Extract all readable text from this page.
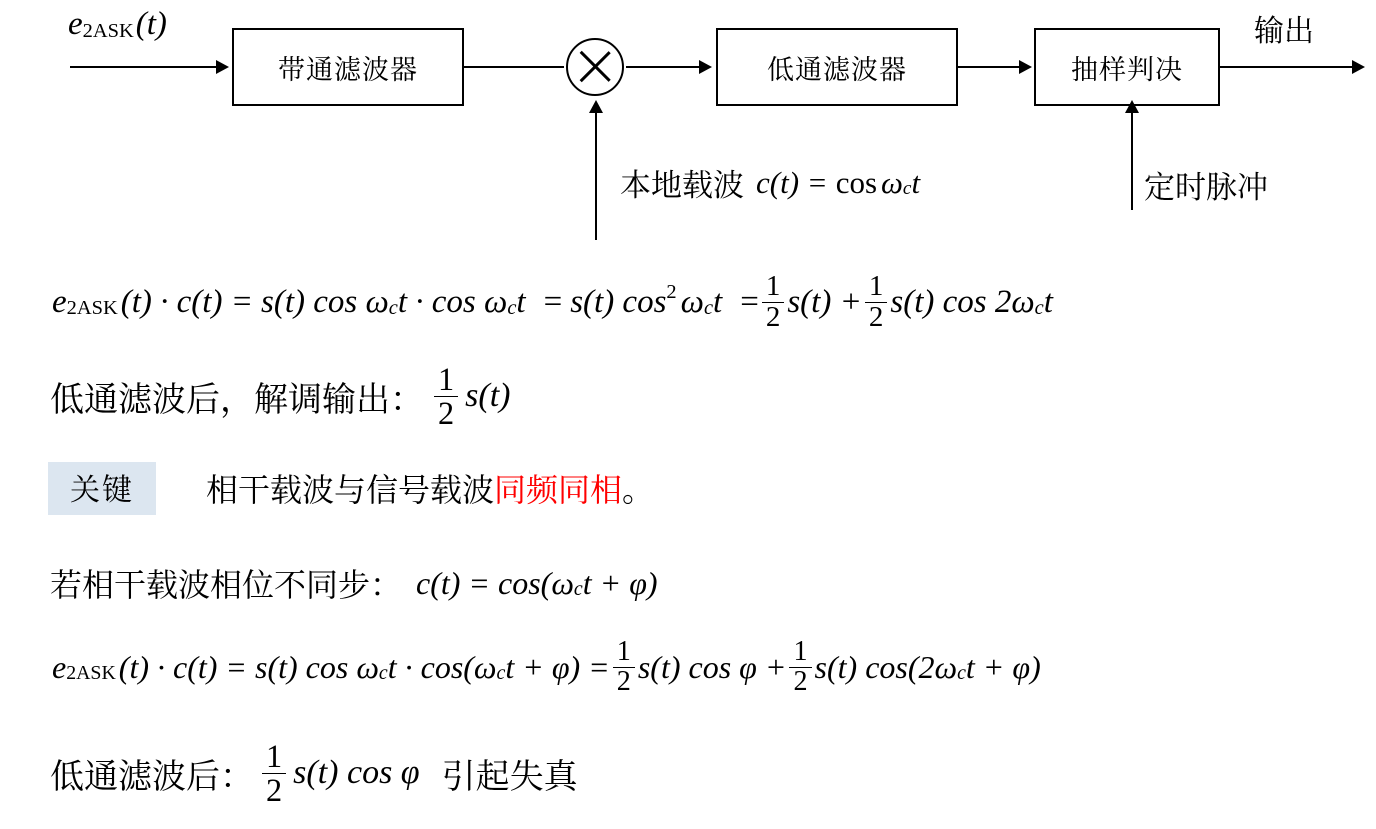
e 2ASK (t)
带通滤波器	低通滤波器	抽样判决
输出
本地载波 c(t) = cos ω c t	定时脉冲
e 2ASK (t) · c(t) = s(t) cos ω c t · cos ω c t = s(t) cos 2 ω c $t = \frac{1}{2} s(t) + \frac{1}{2} s(t)$ cos 2ω c t
低通滤波后，解调输出： $\frac{1}{2} s(t)$
关键	相干载波与信号载波 同频同相 。
若相干载波相位不同步： c(t) = cos(ω c t + φ)
e 2ASK (t) · c(t) = s(t) cos ω c t · cos(ω c $t + \varphi) = \frac{1}{2} s(t)$ $\cos \varphi + \frac{1}{2} s(t)$ cos(2ω c t + φ)
低通滤波后： $\frac{1}{2} s(t)$ cos φ 引起失真
